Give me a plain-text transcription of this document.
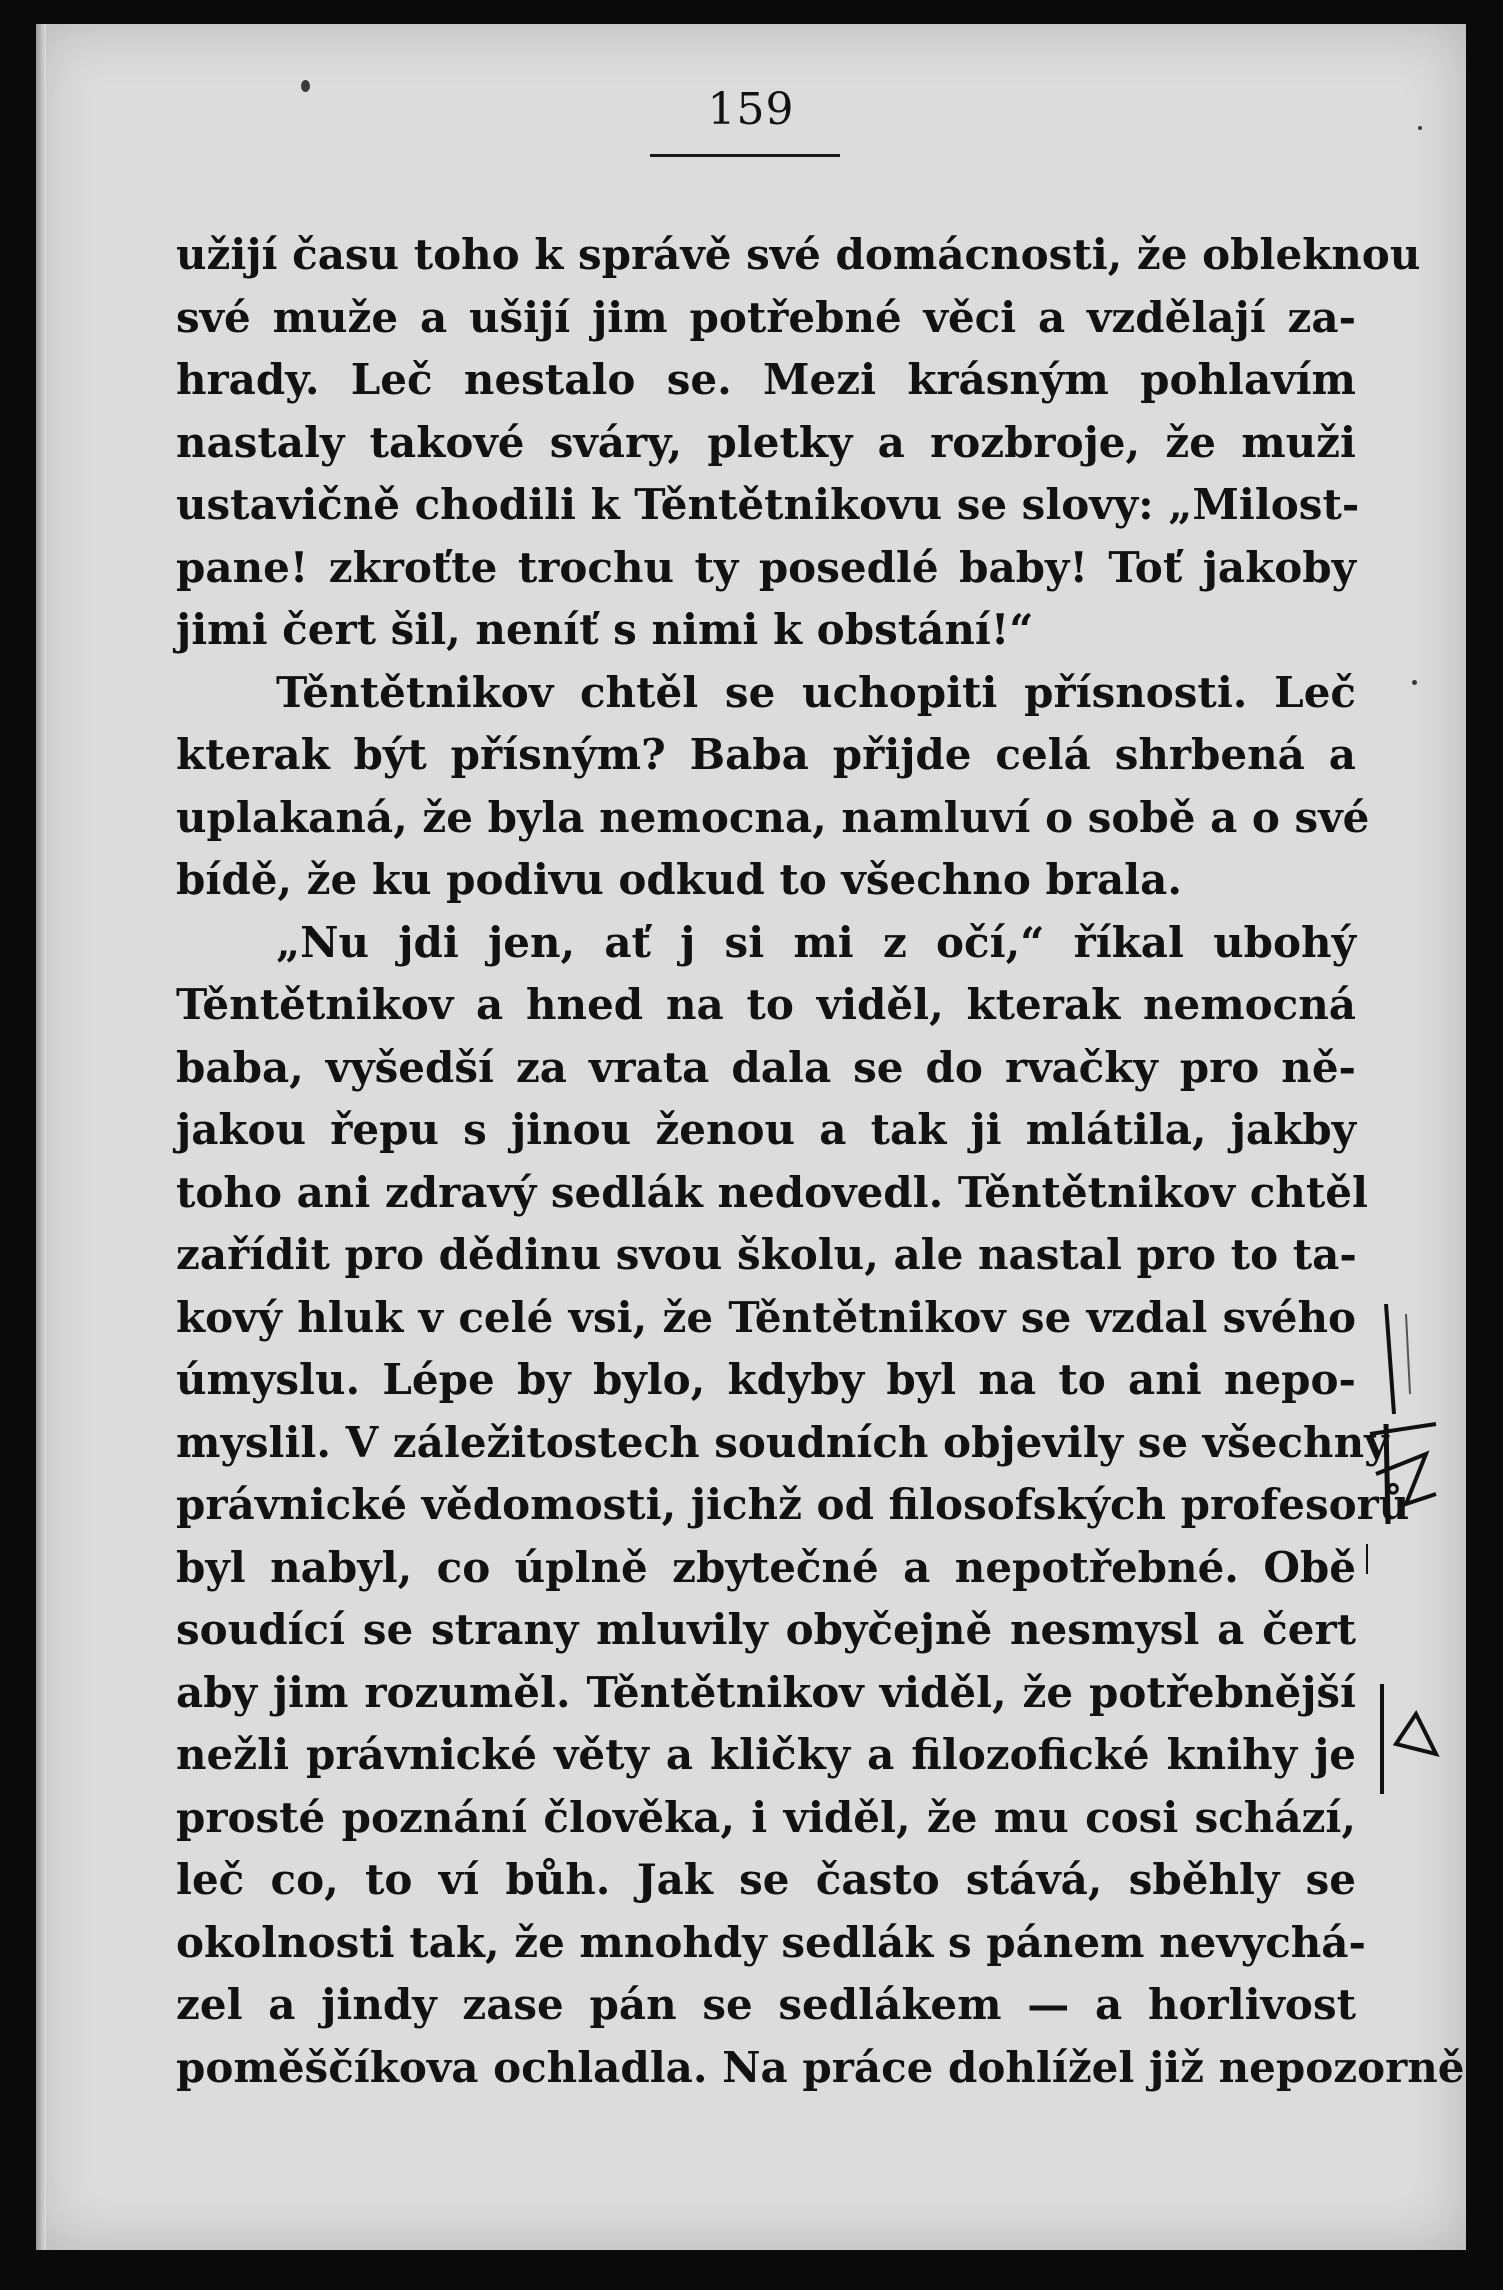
159
užijí času toho k správě své domácnosti, že obleknou
své muže a ušijí jim potřebné věci a vzdělají za-
hrady. Leč nestalo se. Mezi krásným pohlavím
nastaly takové sváry, pletky a rozbroje, že muži
ustavičně chodili k Těntětnikovu se slovy: „Milost-
pane! zkroťte trochu ty posedlé baby! Toť jakoby
jimi čert šil, neníť s nimi k obstání!“
Těntětnikov chtěl se uchopiti přísnosti. Leč
kterak být přísným? Baba přijde celá shrbená a
uplakaná, že byla nemocna, namluví o sobě a o své
bídě, že ku podivu odkud to všechno brala.
„Nu jdi jen, ať j si mi z očí,“ říkal ubohý
Těntětnikov a hned na to viděl, kterak nemocná
baba, vyšedší za vrata dala se do rvačky pro ně-
jakou řepu s jinou ženou a tak ji mlátila, jakby
toho ani zdravý sedlák nedovedl. Těntětnikov chtěl
zařídit pro dědinu svou školu, ale nastal pro to ta-
kový hluk v celé vsi, že Těntětnikov se vzdal svého
úmyslu. Lépe by bylo, kdyby byl na to ani nepo-
myslil. V záležitostech soudních objevily se všechny
právnické vědomosti, jichž od filosofských profesorů
byl nabyl, co úplně zbytečné a nepotřebné. Obě
soudící se strany mluvily obyčejně nesmysl a čert
aby jim rozuměl. Těntětnikov viděl, že potřebnější
nežli právnické věty a kličky a filozofické knihy je
prosté poznání člověka, i viděl, že mu cosi schází,
leč co, to ví bůh. Jak se často stává, sběhly se
okolnosti tak, že mnohdy sedlák s pánem nevychá-
zel a jindy zase pán se sedlákem — a horlivost
poměščíkova ochladla. Na práce dohlížel již nepozorně
